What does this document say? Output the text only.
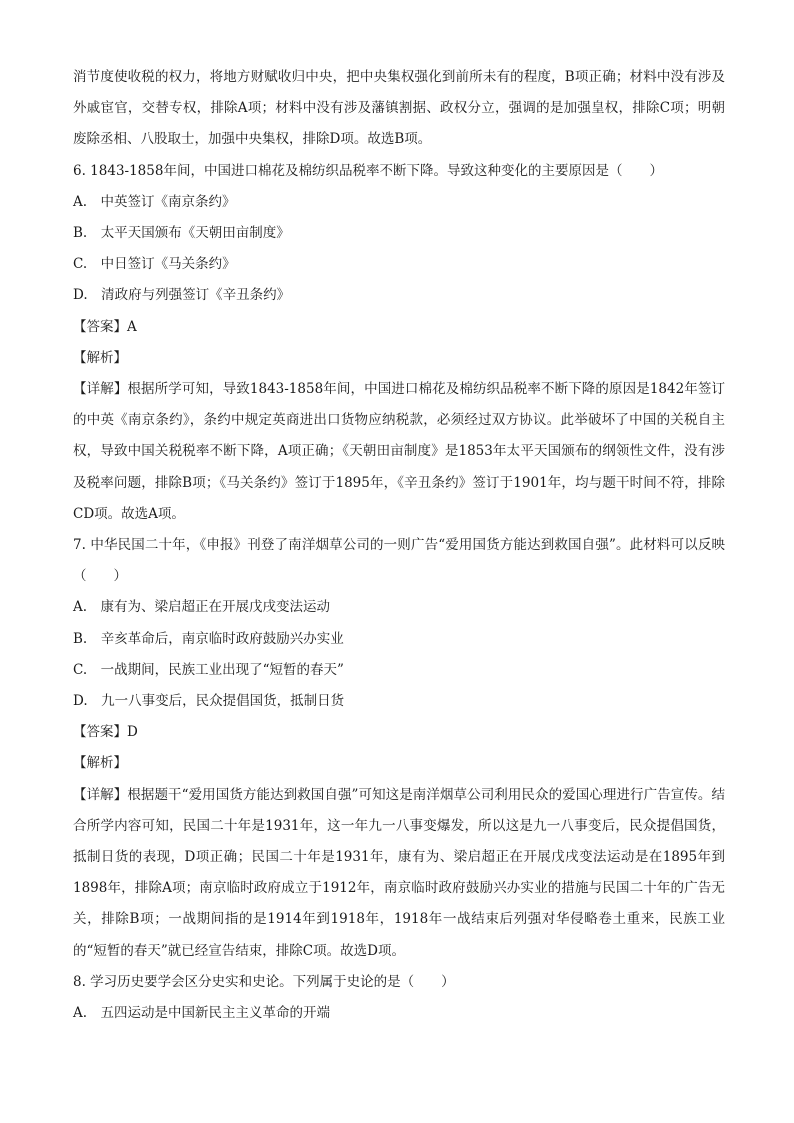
消节度使收税的权力，将地方财赋收归中央，把中央集权强化到前所未有的程度，B项正确；材料中没有涉及外戚宦官，交替专权，排除A项；材料中没有涉及藩镇割据、政权分立，强调的是加强皇权，排除C项；明朝废除丞相、八股取士，加强中央集权，排除D项。故选B项。

6. 1843-1858年间，中国进口棉花及棉纺织品税率不断下降。导致这种变化的主要原因是（　　）

A.　中英签订《南京条约》

B.　太平天国颁布《天朝田亩制度》

C.　中日签订《马关条约》

D.　清政府与列强签订《辛丑条约》

【答案】A

【解析】

【详解】根据所学可知，导致1843-1858年间，中国进口棉花及棉纺织品税率不断下降的原因是1842年签订的中英《南京条约》，条约中规定英商进出口货物应纳税款，必须经过双方协议。此举破坏了中国的关税自主权，导致中国关税税率不断下降，A项正确；《天朝田亩制度》是1853年太平天国颁布的纲领性文件，没有涉及税率问题，排除B项；《马关条约》签订于1895年，《辛丑条约》签订于1901年，均与题干时间不符，排除CD项。故选A项。

7. 中华民国二十年，《申报》刊登了南洋烟草公司的一则广告“爱用国货方能达到救国自强”。此材料可以反映（　　）

A.　康有为、梁启超正在开展戊戌变法运动

B.　辛亥革命后，南京临时政府鼓励兴办实业

C.　一战期间，民族工业出现了“短暂的春天”

D.　九一八事变后，民众提倡国货，抵制日货

【答案】D

【解析】

【详解】根据题干“爱用国货方能达到救国自强”可知这是南洋烟草公司利用民众的爱国心理进行广告宣传。结合所学内容可知，民国二十年是1931年，这一年九一八事变爆发，所以这是九一八事变后，民众提倡国货，抵制日货的表现，D项正确；民国二十年是1931年，康有为、梁启超正在开展戊戌变法运动是在1895年到1898年，排除A项；南京临时政府成立于1912年，南京临时政府鼓励兴办实业的措施与民国二十年的广告无关，排除B项；一战期间指的是1914年到1918年，1918年一战结束后列强对华侵略卷土重来，民族工业的“短暂的春天”就已经宣告结束，排除C项。故选D项。

8. 学习历史要学会区分史实和史论。下列属于史论的是（　　）

A.　五四运动是中国新民主主义革命的开端
